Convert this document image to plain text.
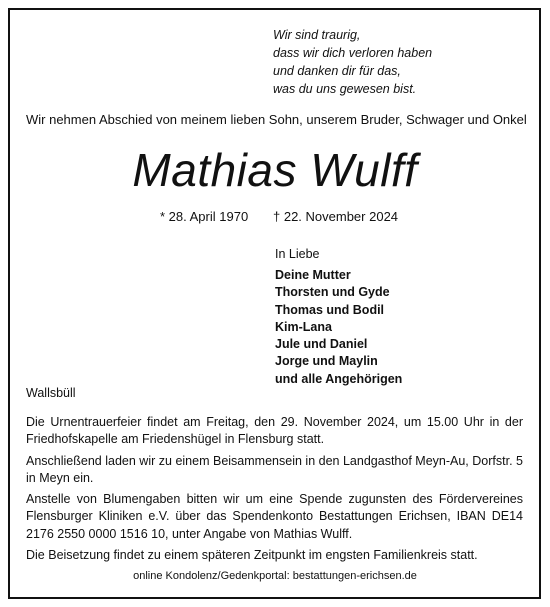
Wir sind traurig,
dass wir dich verloren haben
und danken dir für das,
was du uns gewesen bist.
Wir nehmen Abschied von meinem lieben Sohn, unserem Bruder, Schwager und Onkel
Mathias Wulff
* 28. April 1970 † 22. November 2024
In Liebe
Deine Mutter
Thorsten und Gyde
Thomas und Bodil
Kim-Lana
Jule und Daniel
Jorge und Maylin
und alle Angehörigen
Wallsbüll

Die Urnentrauerfeier findet am Freitag, den 29. November 2024, um 15.00 Uhr in der Friedhofskapelle am Friedenshügel in Flensburg statt.

Anschließend laden wir zu einem Beisammensein in den Landgasthof Meyn-Au, Dorfstr. 5 in Meyn ein.

Anstelle von Blumengaben bitten wir um eine Spende zugunsten des Fördervereines Flensburger Kliniken e.V. über das Spendenkonto Bestattungen Erichsen, IBAN DE14 2176 2550 0000 1516 10, unter Angabe von Mathias Wulff.

Die Beisetzung findet zu einem späteren Zeitpunkt im engsten Familienkreis statt.

online Kondolenz/Gedenkportal: bestattungen-erichsen.de
